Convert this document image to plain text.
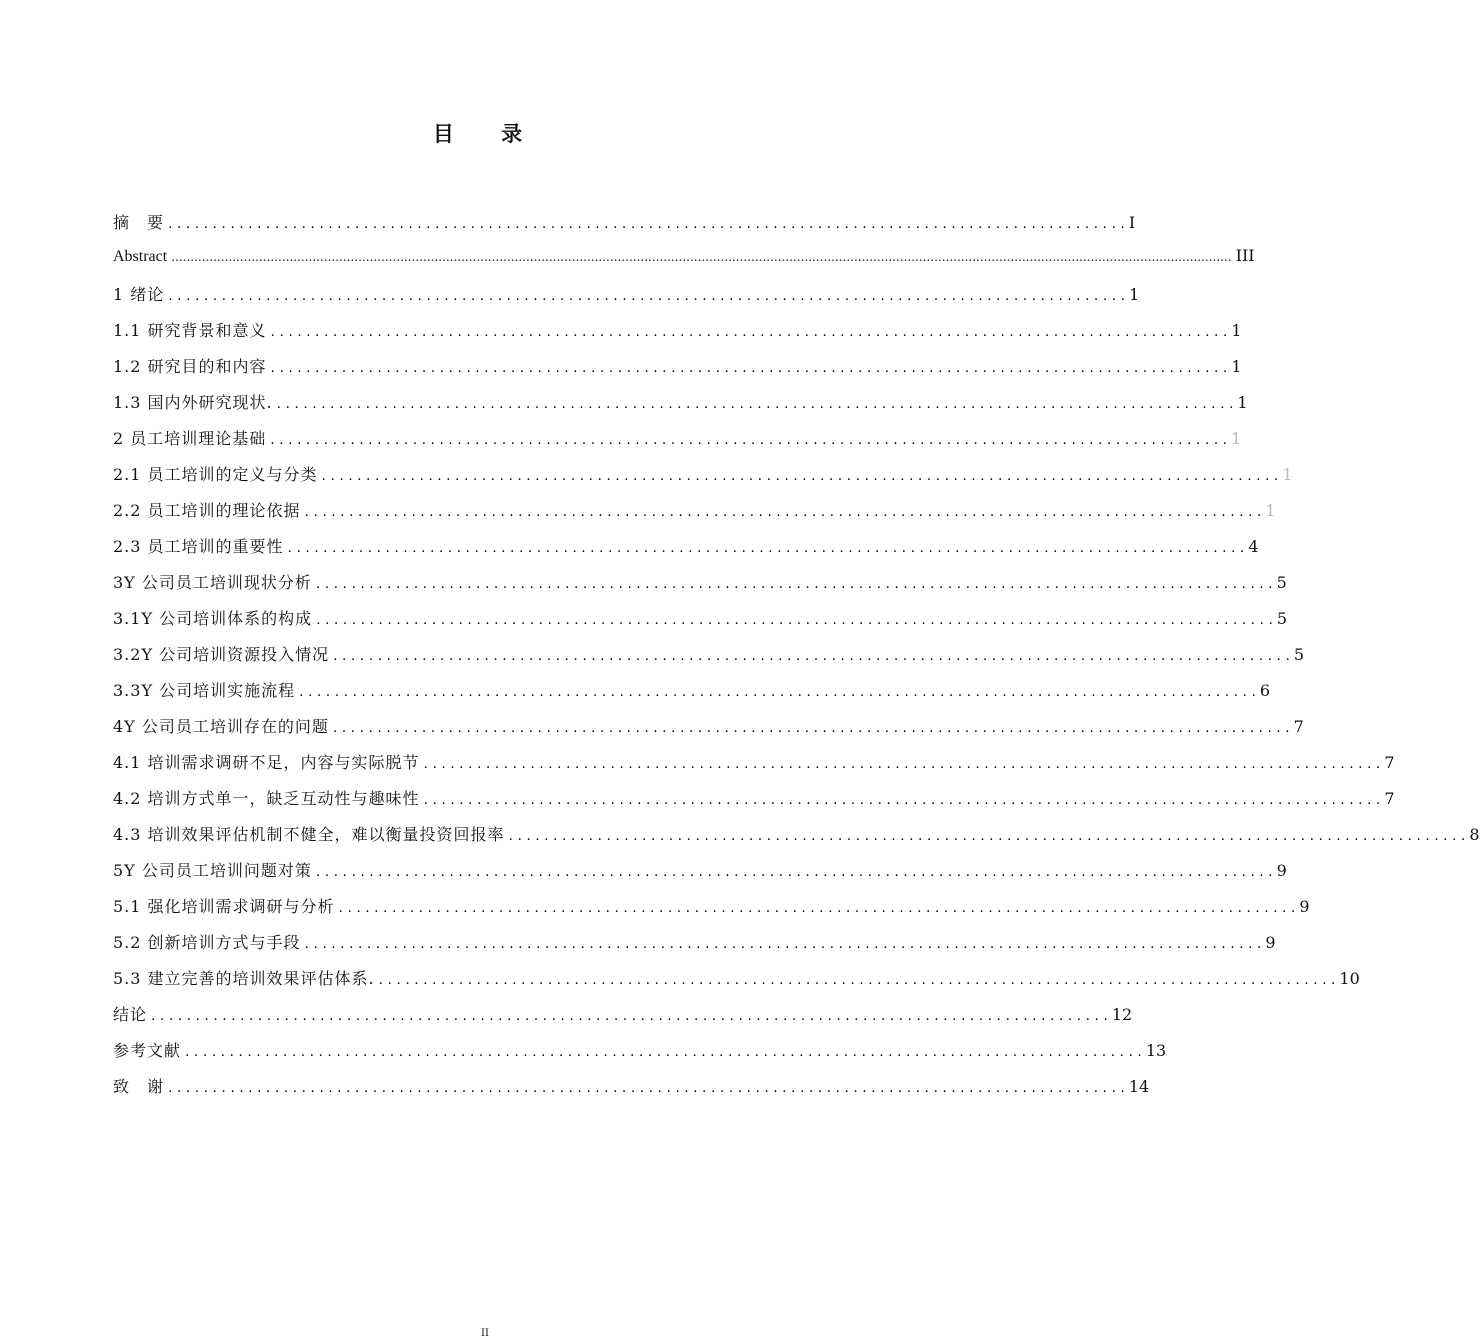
目 录
摘　要 . . .	I
Abstract .....	III
1 绪论 . . .	1
1.1 研究背景和意义 . . .	1
1.2 研究目的和内容 . . .	1
1.3 国内外研究现状. . . .	1
2 员工培训理论基础 . . .	1
2.1 员工培训的定义与分类 . . .	1
2.2 员工培训的理论依据 . . .	1
2.3 员工培训的重要性 . . .	4
3Y 公司员工培训现状分析 . . .	5
3.1Y 公司培训体系的构成 . . .	5
3.2Y 公司培训资源投入情况 . . .	5
3.3Y 公司培训实施流程 . . .	6
4Y 公司员工培训存在的问题 . . .	7
4.1 培训需求调研不足，内容与实际脱节 . . .	7
4.2 培训方式单一，缺乏互动性与趣味性 . . .	7
4.3 培训效果评估机制不健全，难以衡量投资回报率 . . .	8
5Y 公司员工培训问题对策 . . .	9
5.1 强化培训需求调研与分析 . . .	9
5.2 创新培训方式与手段 . . .	9
5.3 建立完善的培训效果评估体系. . . .	10
结论 . . .	12
参考文献 . . .	13
致　谢 . . .	14
II
